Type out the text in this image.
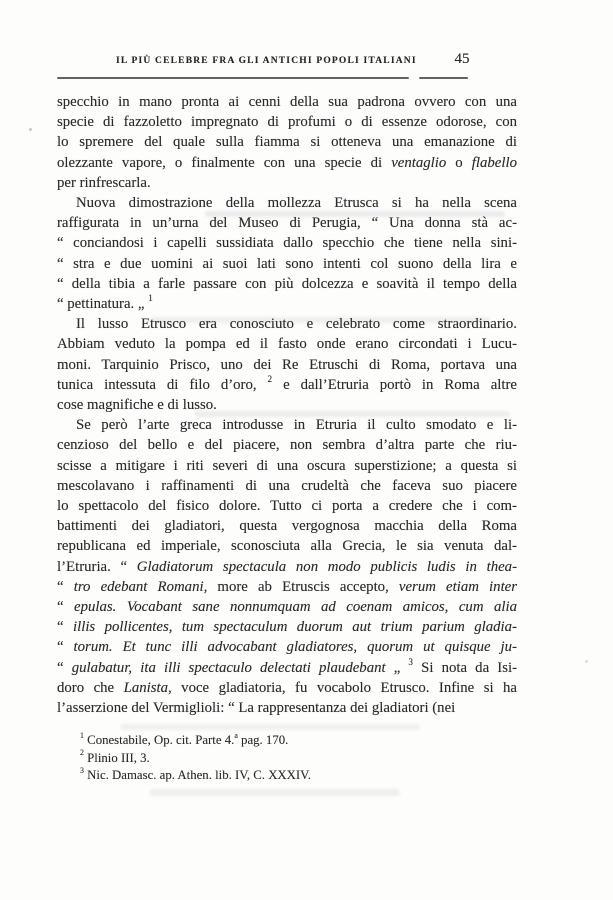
IL PIÙ CELEBRE FRA GLI ANTICHI POPOLI ITALIANI	45
specchio in mano pronta ai cenni della sua padrona ovvero con una
specie di fazzoletto impregnato di profumi o di essenze odorose, con
lo spremere del quale sulla fiamma si otteneva una emanazione di
olezzante vapore, o finalmente con una specie di ventaglio o flabello
per rinfrescarla.
Nuova dimostrazione della mollezza Etrusca si ha nella scena
raffigurata in un’urna del Museo di Perugia, “ Una donna stà ac-
“ conciandosi i capelli sussidiata dallo specchio che tiene nella sini-
“ stra e due uomini ai suoi lati sono intenti col suono della lira e
“ della tibia a farle passare con più dolcezza e soavità il tempo della
“ pettinatura. „ $^1$
Il lusso Etrusco era conosciuto e celebrato come straordinario.
Abbiam veduto la pompa ed il fasto onde erano circondati i Lucu-
moni. Tarquinio Prisco, uno dei Re Etruschi di Roma, portava una
tunica intessuta di filo d’oro, $^2$ e dall’Etruria portò in Roma altre
cose magnifiche e di lusso.
Se però l’arte greca introdusse in Etruria il culto smodato e li-
cenzioso del bello e del piacere, non sembra d’altra parte che riu-
scisse a mitigare i riti severi di una oscura superstizione; a questa si
mescolavano i raffinamenti di una crudeltà che faceva suo piacere
lo spettacolo del fisico dolore. Tutto ci porta a credere che i com-
battimenti dei gladiatori, questa vergognosa macchia della Roma
republicana ed imperiale, sconosciuta alla Grecia, le sia venuta dal-
l’Etruria. “ Gladiatorum spectacula non modo publicis ludis in thea-
“ tro edebant Romani, more ab Etruscis accepto, verum etiam inter
“ epulas. Vocabant sane nonnumquam ad coenam amicos, cum alia
“ illis pollicentes, tum spectaculum duorum aut trium parium gladia-
“ torum. Et tunc illi advocabant gladiatores, quorum ut quisque ju-
“ gulabatur, ita illi spectaculo delectati plaudebant „ $^3$ Si nota da Isi-
doro che Lanista, voce gladiatoria, fu vocabolo Etrusco. Infine si ha
l’asserzione del Vermiglioli: “ La rappresentanza dei gladiatori (nei
$^1$ Conestabile, Op. cit. Parte 4.$^a$ pag. 170.
$^2$ Plinio III, 3.
$^3$ Nic. Damasc. ap. Athen. lib. IV, C. XXXIV.
